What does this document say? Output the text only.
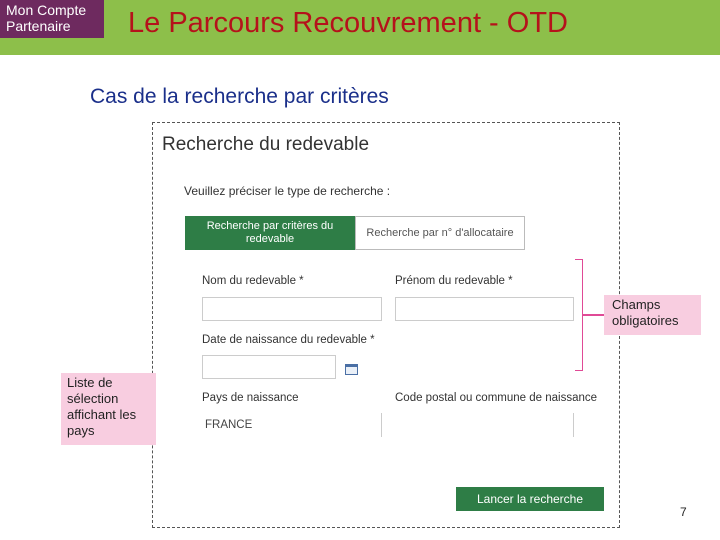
Mon Compte
Partenaire Le Parcours Recouvrement - OTD
Cas de la recherche par critères
Recherche du redevable
Veuillez préciser le type de recherche :
Recherche par critères du redevable
Recherche par n° d'allocataire
Nom du redevable *	Prénom du redevable *
Date de naissance du redevable *
Pays de naissance
FRANCE
Code postal ou commune de naissance
Lancer la recherche
Champs obligatoires
Liste de sélection affichant les pays
7
